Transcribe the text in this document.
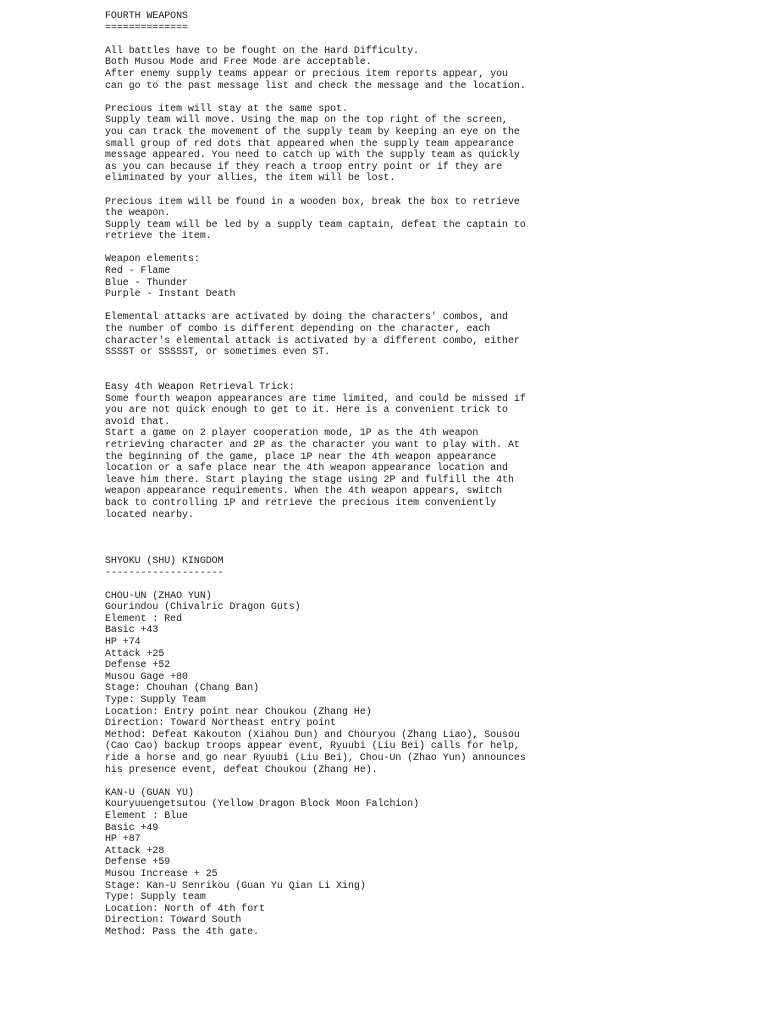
FOURTH WEAPONS
==============
All battles have to be fought on the Hard Difficulty.
Both Musou Mode and Free Mode are acceptable.
After enemy supply teams appear or precious item reports appear, you
can go to the past message list and check the message and the location.
Precious item will stay at the same spot.
Supply team will move. Using the map on the top right of the screen,
you can track the movement of the supply team by keeping an eye on the
small group of red dots that appeared when the supply team appearance
message appeared. You need to catch up with the supply team as quickly
as you can because if they reach a troop entry point or if they are
eliminated by your allies, the item will be lost.
Precious item will be found in a wooden box, break the box to retrieve
the weapon.
Supply team will be led by a supply team captain, defeat the captain to
retrieve the item.
Weapon elements:
Red - Flame
Blue - Thunder
Purple - Instant Death
Elemental attacks are activated by doing the characters' combos, and
the number of combo is different depending on the character, each
character's elemental attack is activated by a different combo, either
SSSST or SSSSST, or sometimes even ST.
Easy 4th Weapon Retrieval Trick:
Some fourth weapon appearances are time limited, and could be missed if
you are not quick enough to get to it. Here is a convenient trick to
avoid that.
Start a game on 2 player cooperation mode, 1P as the 4th weapon
retrieving character and 2P as the character you want to play with. At
the beginning of the game, place 1P near the 4th weapon appearance
location or a safe place near the 4th weapon appearance location and
leave him there. Start playing the stage using 2P and fulfill the 4th
weapon appearance requirements. When the 4th weapon appears, switch
back to controlling 1P and retrieve the precious item conveniently
located nearby.
SHYOKU (SHU) KINGDOM
--------------------
CHOU-UN (ZHAO YUN)
Gourindou (Chivalric Dragon Guts)
Element : Red
Basic +43
HP +74
Attack +25
Defense +52
Musou Gage +80
Stage: Chouhan (Chang Ban)
Type: Supply Team
Location: Entry point near Choukou (Zhang He)
Direction: Toward Northeast entry point
Method: Defeat Kakouton (Xiahou Dun) and Chouryou (Zhang Liao), Sousou
(Cao Cao) backup troops appear event, Ryuubi (Liu Bei) calls for help,
ride a horse and go near Ryuubi (Liu Bei), Chou-Un (Zhao Yun) announces
his presence event, defeat Choukou (Zhang He).
KAN-U (GUAN YU)
Kouryuuengetsutou (Yellow Dragon Block Moon Falchion)
Element : Blue
Basic +49
HP +87
Attack +28
Defense +59
Musou Increase + 25
Stage: Kan-U Senrikou (Guan Yu Qian Li Xing)
Type: Supply team
Location: North of 4th fort
Direction: Toward South
Method: Pass the 4th gate.
